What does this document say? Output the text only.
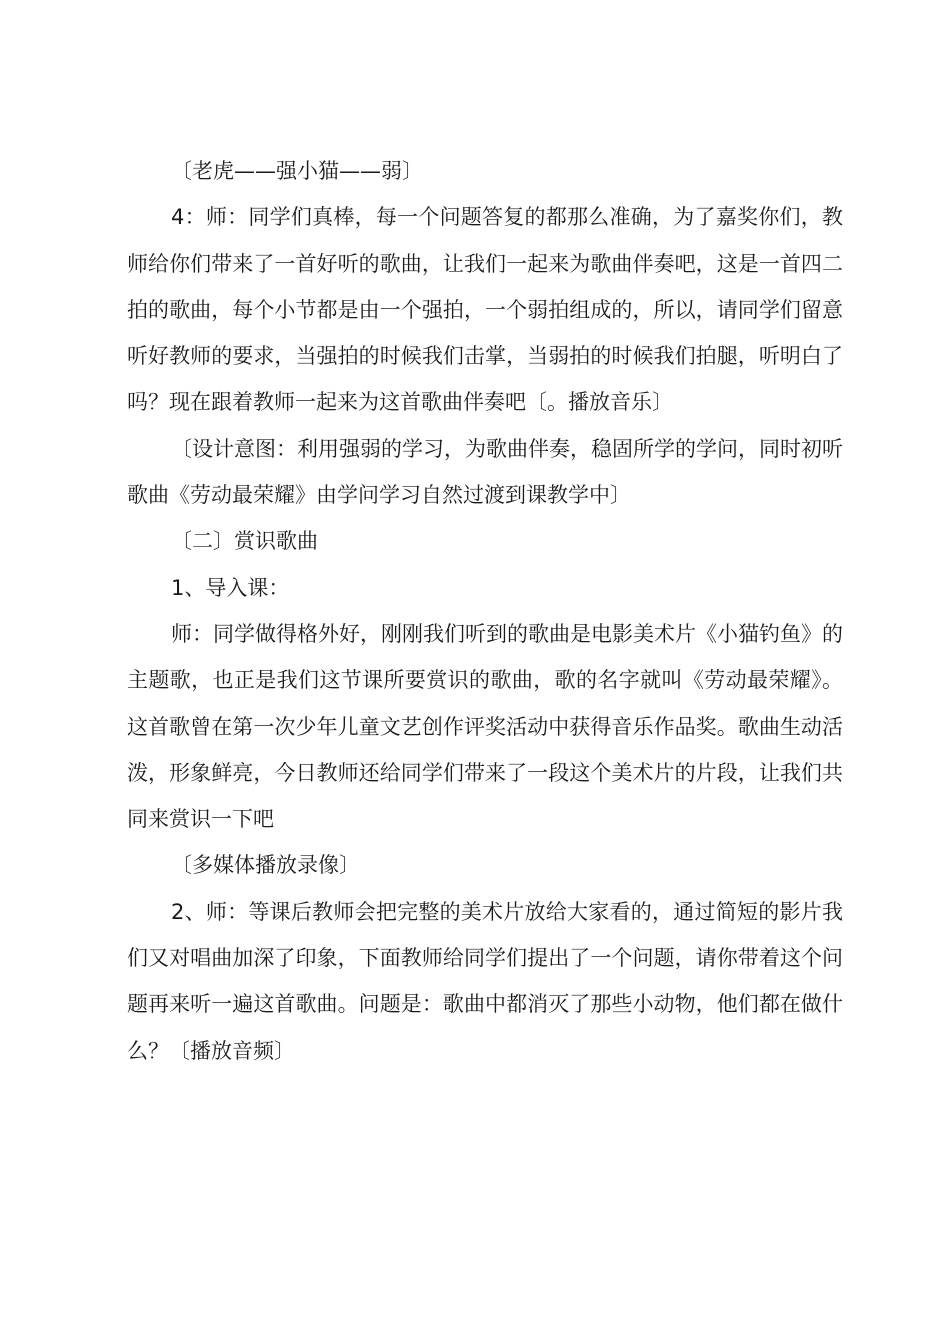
〔老虎——强小猫——弱〕

4：师：同学们真棒，每一个问题答复的都那么准确，为了嘉奖你们，教师给你们带来了一首好听的歌曲，让我们一起来为歌曲伴奏吧，这是一首四二拍的歌曲，每个小节都是由一个强拍，一个弱拍组成的，所以，请同学们留意听好教师的要求，当强拍的时候我们击掌，当弱拍的时候我们拍腿，听明白了吗？现在跟着教师一起来为这首歌曲伴奏吧〔。播放音乐〕

〔设计意图：利用强弱的学习，为歌曲伴奏，稳固所学的学问，同时初听歌曲《劳动最荣耀》由学问学习自然过渡到课教学中〕

〔二〕赏识歌曲

1、导入课：

师：同学做得格外好，刚刚我们听到的歌曲是电影美术片《小猫钓鱼》的主题歌，也正是我们这节课所要赏识的歌曲，歌的名字就叫《劳动最荣耀》。这首歌曾在第一次少年儿童文艺创作评奖活动中获得音乐作品奖。歌曲生动活泼，形象鲜亮，今日教师还给同学们带来了一段这个美术片的片段，让我们共同来赏识一下吧

〔多媒体播放录像〕

2、师：等课后教师会把完整的美术片放给大家看的，通过简短的影片我们又对唱曲加深了印象，下面教师给同学们提出了一个问题，请你带着这个问题再来听一遍这首歌曲。问题是：歌曲中都消灭了那些小动物，他们都在做什么？〔播放音频〕
